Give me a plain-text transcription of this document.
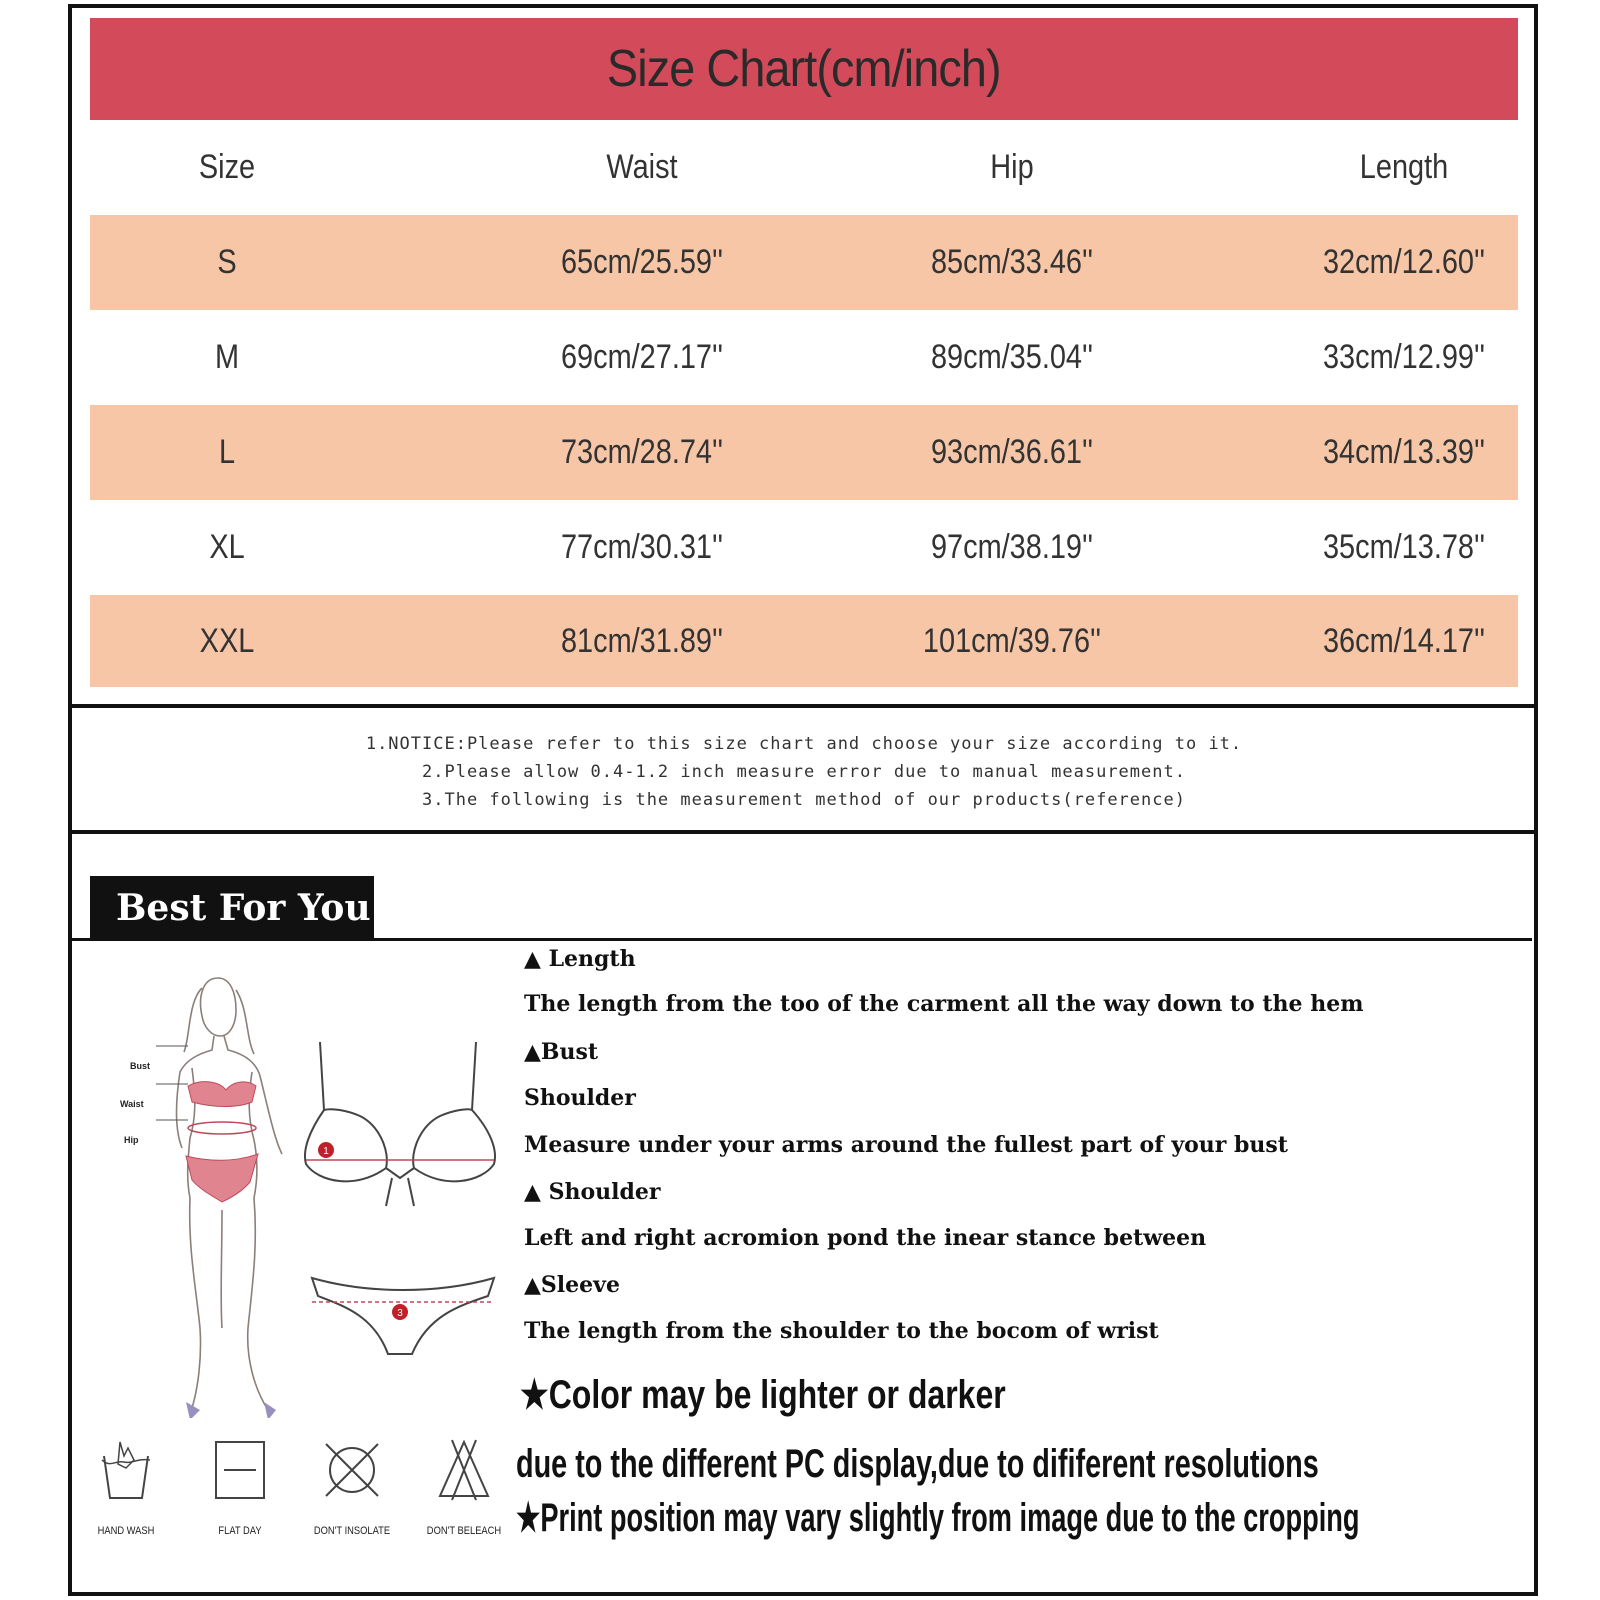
Size Chart(cm/inch)
Size	Waist	Hip	Length
S	65cm/25.59''	85cm/33.46''	32cm/12.60''
M	69cm/27.17''	89cm/35.04''	33cm/12.99''
L	73cm/28.74''	93cm/36.61''	34cm/13.39''
XL	77cm/30.31''	97cm/38.19''	35cm/13.78''
XXL	81cm/31.89''	101cm/39.76''	36cm/14.17''
1.NOTICE:Please refer to this size chart and choose your size according to it.
2.Please allow 0.4-1.2 inch measure error due to manual measurement.
3.The following is the measurement method of our products(reference)
Best For You
Bust
Waist
Hip
1
3
▲ Length
The length from the too of the carment all the way down to the hem
▲Bust
Shoulder
Measure under your arms around the fullest part of your bust
▲ Shoulder
Left and right acromion pond the inear stance between
▲Sleeve
The length from the shoulder to the bocom of wrist
★Color may be lighter or darker
due to the different PC display,due to dififerent resolutions
★Print position may vary slightly from image due to the cropping
HAND WASH	FLAT DAY	DON'T INSOLATE	DON'T BELEACH
